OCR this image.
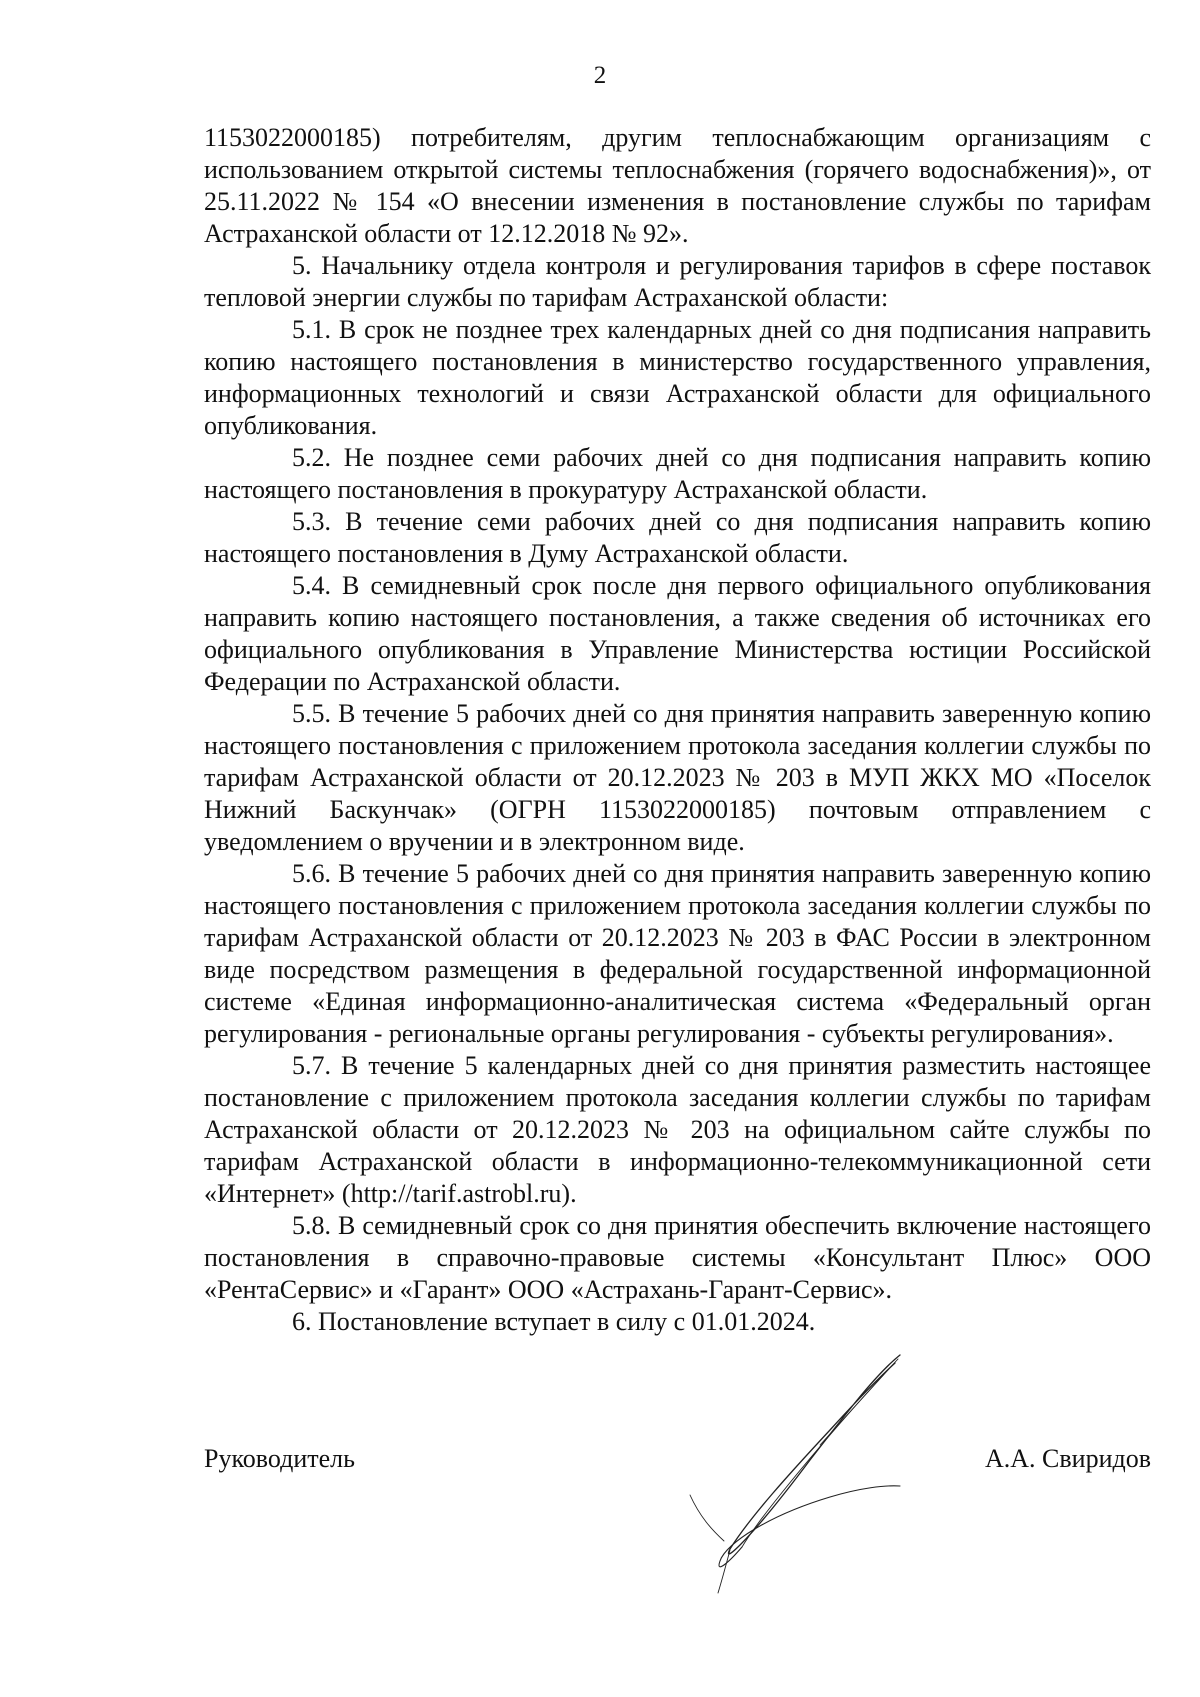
2

1153022000185) потребителям, другим теплоснабжающим организациям с использованием открытой системы теплоснабжения (горячего водоснабжения)», от 25.11.2022 № 154 «О внесении изменения в постановление службы по тарифам Астраханской области от 12.12.2018 № 92».

5. Начальнику отдела контроля и регулирования тарифов в сфере поставок тепловой энергии службы по тарифам Астраханской области:

5.1. В срок не позднее трех календарных дней со дня подписания направить копию настоящего постановления в министерство государственного управления, информационных технологий и связи Астраханской области для официального опубликования.

5.2. Не позднее семи рабочих дней со дня подписания направить копию настоящего постановления в прокуратуру Астраханской области.

5.3. В течение семи рабочих дней со дня подписания направить копию настоящего постановления в Думу Астраханской области.

5.4. В семидневный срок после дня первого официального опубликования направить копию настоящего постановления, а также сведения об источниках его официального опубликования в Управление Министерства юстиции Российской Федерации по Астраханской области.

5.5. В течение 5 рабочих дней со дня принятия направить заверенную копию настоящего постановления с приложением протокола заседания коллегии службы по тарифам Астраханской области от 20.12.2023 № 203 в МУП ЖКХ МО «Поселок Нижний Баскунчак» (ОГРН 1153022000185) почтовым отправлением с уведомлением о вручении и в электронном виде.

5.6. В течение 5 рабочих дней со дня принятия направить заверенную копию настоящего постановления с приложением протокола заседания коллегии службы по тарифам Астраханской области от 20.12.2023 № 203 в ФАС России в электронном виде посредством размещения в федеральной государственной информационной системе «Единая информационно-аналитическая система «Федеральный орган регулирования - региональные органы регулирования - субъекты регулирования».

5.7. В течение 5 календарных дней со дня принятия разместить настоящее постановление с приложением протокола заседания коллегии службы по тарифам Астраханской области от 20.12.2023 № 203 на официальном сайте службы по тарифам Астраханской области в информационно-телекоммуникационной сети «Интернет» (http://tarif.astrobl.ru).

5.8. В семидневный срок со дня принятия обеспечить включение настоящего постановления в справочно-правовые системы «Консультант Плюс» ООО «РентаСервис» и «Гарант» ООО «Астрахань-Гарант-Сервис».

6. Постановление вступает в силу с 01.01.2024.

Руководитель	А.А. Свиридов
